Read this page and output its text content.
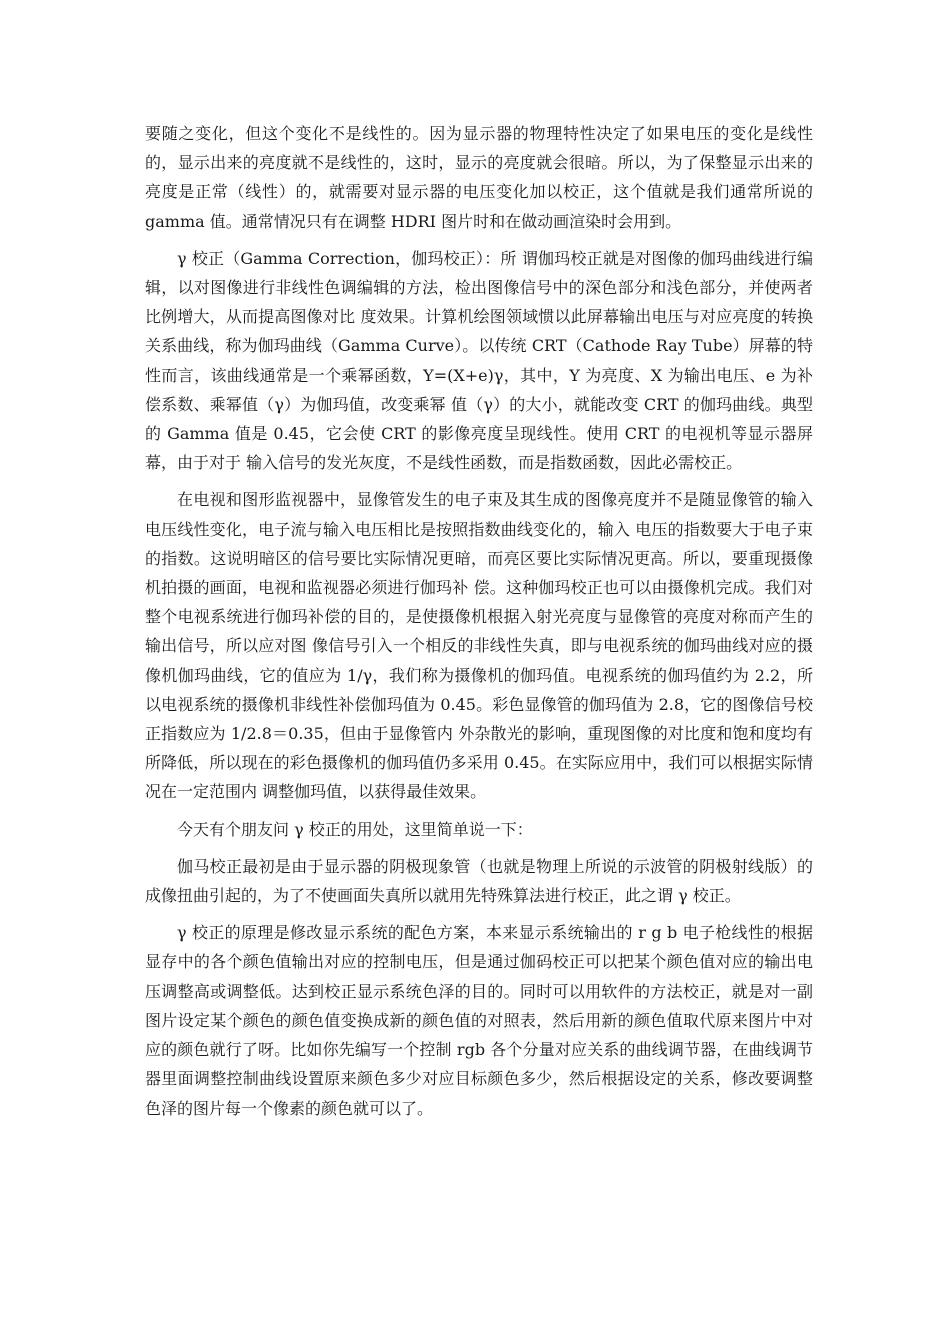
要随之变化，但这个变化不是线性的。因为显示器的物理特性决定了如果电压的变化是线性的，显示出来的亮度就不是线性的，这时，显示的亮度就会很暗。所以，为了保整显示出来的亮度是正常（线性）的，就需要对显示器的电压变化加以校正，这个值就是我们通常所说的 gamma 值。通常情况只有在调整 HDRI 图片时和在做动画渲染时会用到。

γ 校正（Gamma Correction，伽玛校正）：所 谓伽玛校正就是对图像的伽玛曲线进行编辑，以对图像进行非线性色调编辑的方法，检出图像信号中的深色部分和浅色部分，并使两者比例增大，从而提高图像对比 度效果。计算机绘图领域惯以此屏幕输出电压与对应亮度的转换关系曲线，称为伽玛曲线（Gamma Curve）。以传统 CRT（Cathode Ray Tube）屏幕的特性而言，该曲线通常是一个乘幂函数，Y=(X+e)γ，其中，Y 为亮度、X 为输出电压、e 为补偿系数、乘幂值（γ）为伽玛值，改变乘幂 值（γ）的大小，就能改变 CRT 的伽玛曲线。典型的 Gamma 值是 0.45，它会使 CRT 的影像亮度呈现线性。使用 CRT 的电视机等显示器屏幕，由于对于 输入信号的发光灰度，不是线性函数，而是指数函数，因此必需校正。

在电视和图形监视器中，显像管发生的电子束及其生成的图像亮度并不是随显像管的输入电压线性变化，电子流与输入电压相比是按照指数曲线变化的，输入 电压的指数要大于电子束的指数。这说明暗区的信号要比实际情况更暗，而亮区要比实际情况更高。所以，要重现摄像机拍摄的画面，电视和监视器必须进行伽玛补 偿。这种伽玛校正也可以由摄像机完成。我们对整个电视系统进行伽玛补偿的目的，是使摄像机根据入射光亮度与显像管的亮度对称而产生的输出信号，所以应对图 像信号引入一个相反的非线性失真，即与电视系统的伽玛曲线对应的摄像机伽玛曲线，它的值应为 1/γ，我们称为摄像机的伽玛值。电视系统的伽玛值约为 2.2，所以电视系统的摄像机非线性补偿伽玛值为 0.45。彩色显像管的伽玛值为 2.8，它的图像信号校正指数应为 1/2.8＝0.35，但由于显像管内 外杂散光的影响，重现图像的对比度和饱和度均有所降低，所以现在的彩色摄像机的伽玛值仍多采用 0.45。在实际应用中，我们可以根据实际情况在一定范围内 调整伽玛值，以获得最佳效果。

今天有个朋友问 γ 校正的用处，这里简单说一下：

伽马校正最初是由于显示器的阴极现象管（也就是物理上所说的示波管的阴极射线版）的成像扭曲引起的，为了不使画面失真所以就用先特殊算法进行校正，此之谓 γ 校正。

γ 校正的原理是修改显示系统的配色方案，本来显示系统输出的 r g b 电子枪线性的根据显存中的各个颜色值输出对应的控制电压，但是通过伽码校正可以把某个颜色值对应的输出电压调整高或调整低。达到校正显示系统色泽的目的。同时可以用软件的方法校正，就是对一副图片设定某个颜色的颜色值变换成新的颜色值的对照表，然后用新的颜色值取代原来图片中对应的颜色就行了呀。比如你先编写一个控制 rgb 各个分量对应关系的曲线调节器，在曲线调节器里面调整控制曲线设置原来颜色多少对应目标颜色多少，然后根据设定的关系，修改要调整色泽的图片每一个像素的颜色就可以了。
